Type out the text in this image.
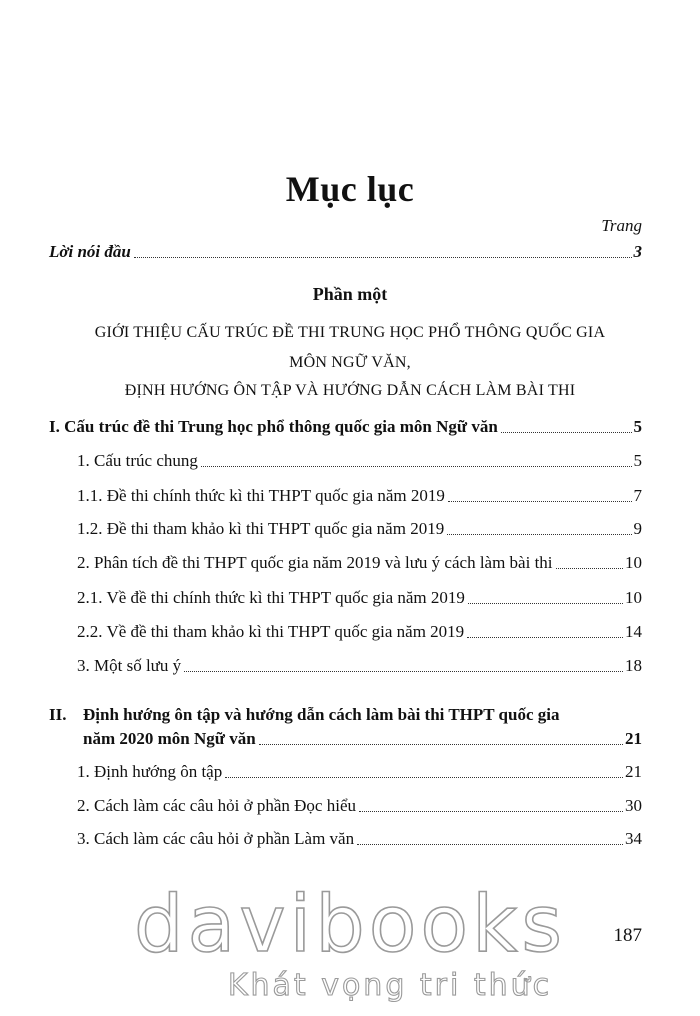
Mục lục
Trang
Lời nói đầu	3
Phần một
GIỚI THIỆU CẤU TRÚC ĐỀ THI TRUNG HỌC PHỔ THÔNG QUỐC GIA
MÔN NGỮ VĂN,
ĐỊNH HƯỚNG ÔN TẬP VÀ HƯỚNG DẪN CÁCH LÀM BÀI THI
I. Cấu trúc đề thi Trung học phổ thông quốc gia môn Ngữ văn	5
1. Cấu trúc chung	5
1.1. Đề thi chính thức kì thi THPT quốc gia năm 2019	7
1.2. Đề thi tham khảo kì thi THPT quốc gia năm 2019	9
2. Phân tích đề thi THPT quốc gia năm 2019 và lưu ý cách làm bài thi	10
2.1. Về đề thi chính thức kì thi THPT quốc gia năm 2019	10
2.2. Về đề thi tham khảo kì thi THPT quốc gia năm 2019	14
3. Một số lưu ý	18
II. Định hướng ôn tập và hướng dẫn cách làm bài thi THPT quốc gia
năm 2020 môn Ngữ văn	21
1. Định hướng ôn tập	21
2. Cách làm các câu hỏi ở phần Đọc hiểu	30
3. Cách làm các câu hỏi ở phần Làm văn	34
davibooks
Khát vọng tri thức
187
